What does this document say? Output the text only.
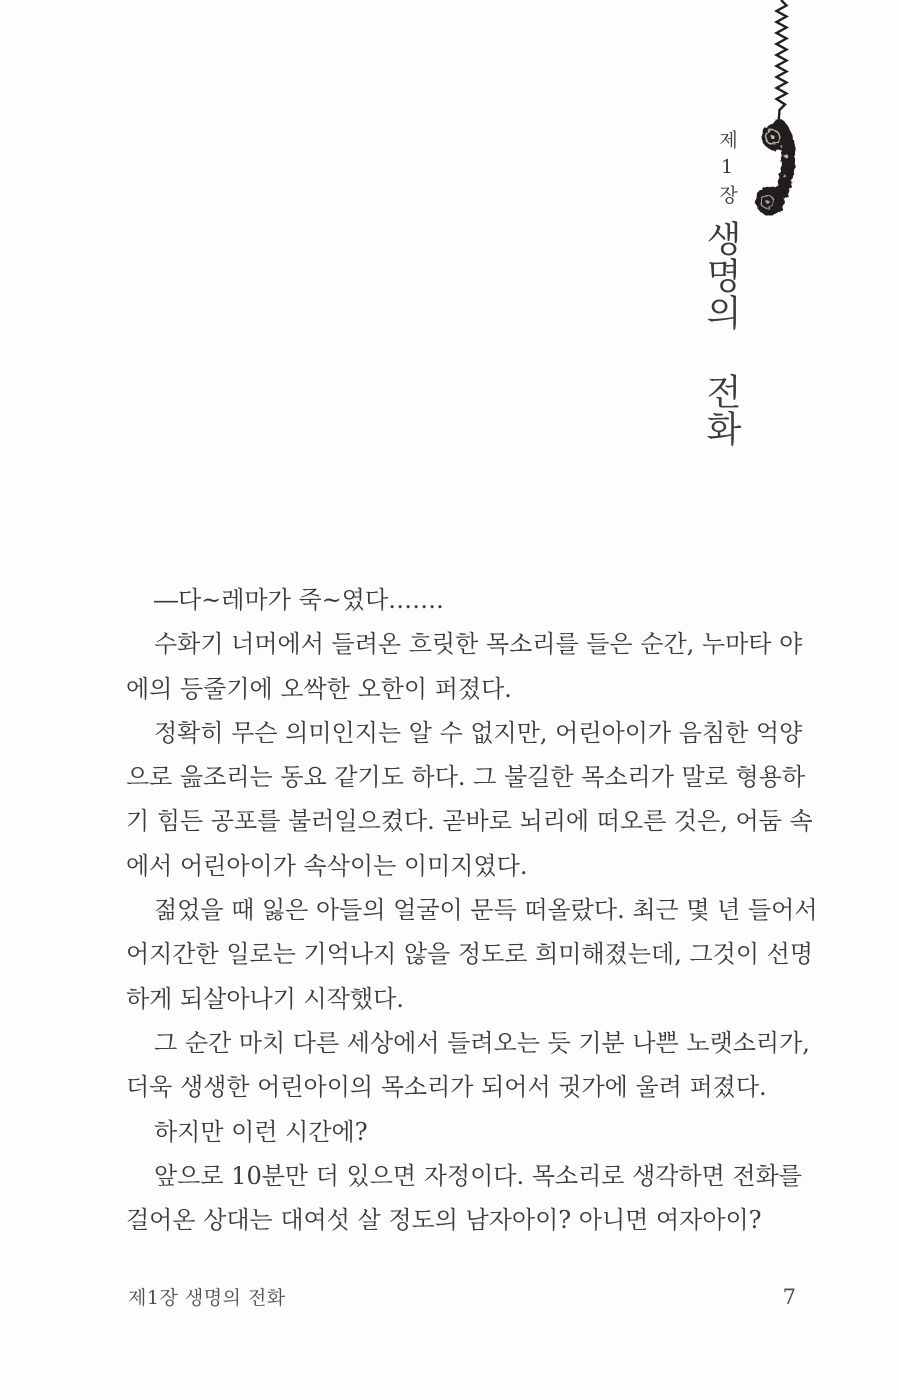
제1장
생명의 전화
―다~레마가 죽~였다…….
수화기 너머에서 들려온 흐릿한 목소리를 들은 순간, 누마타 야
에의 등줄기에 오싹한 오한이 퍼졌다.
정확히 무슨 의미인지는 알 수 없지만, 어린아이가 음침한 억양
으로 읊조리는 동요 같기도 하다. 그 불길한 목소리가 말로 형용하
기 힘든 공포를 불러일으켰다. 곧바로 뇌리에 떠오른 것은, 어둠 속
에서 어린아이가 속삭이는 이미지였다.
젊었을 때 잃은 아들의 얼굴이 문득 떠올랐다. 최근 몇 년 들어서
어지간한 일로는 기억나지 않을 정도로 희미해졌는데, 그것이 선명
하게 되살아나기 시작했다.
그 순간 마치 다른 세상에서 들려오는 듯 기분 나쁜 노랫소리가,
더욱 생생한 어린아이의 목소리가 되어서 귓가에 울려 퍼졌다.
하지만 이런 시간에?
앞으로 10분만 더 있으면 자정이다. 목소리로 생각하면 전화를
걸어온 상대는 대여섯 살 정도의 남자아이? 아니면 여자아이?
제1장 생명의 전화	7
